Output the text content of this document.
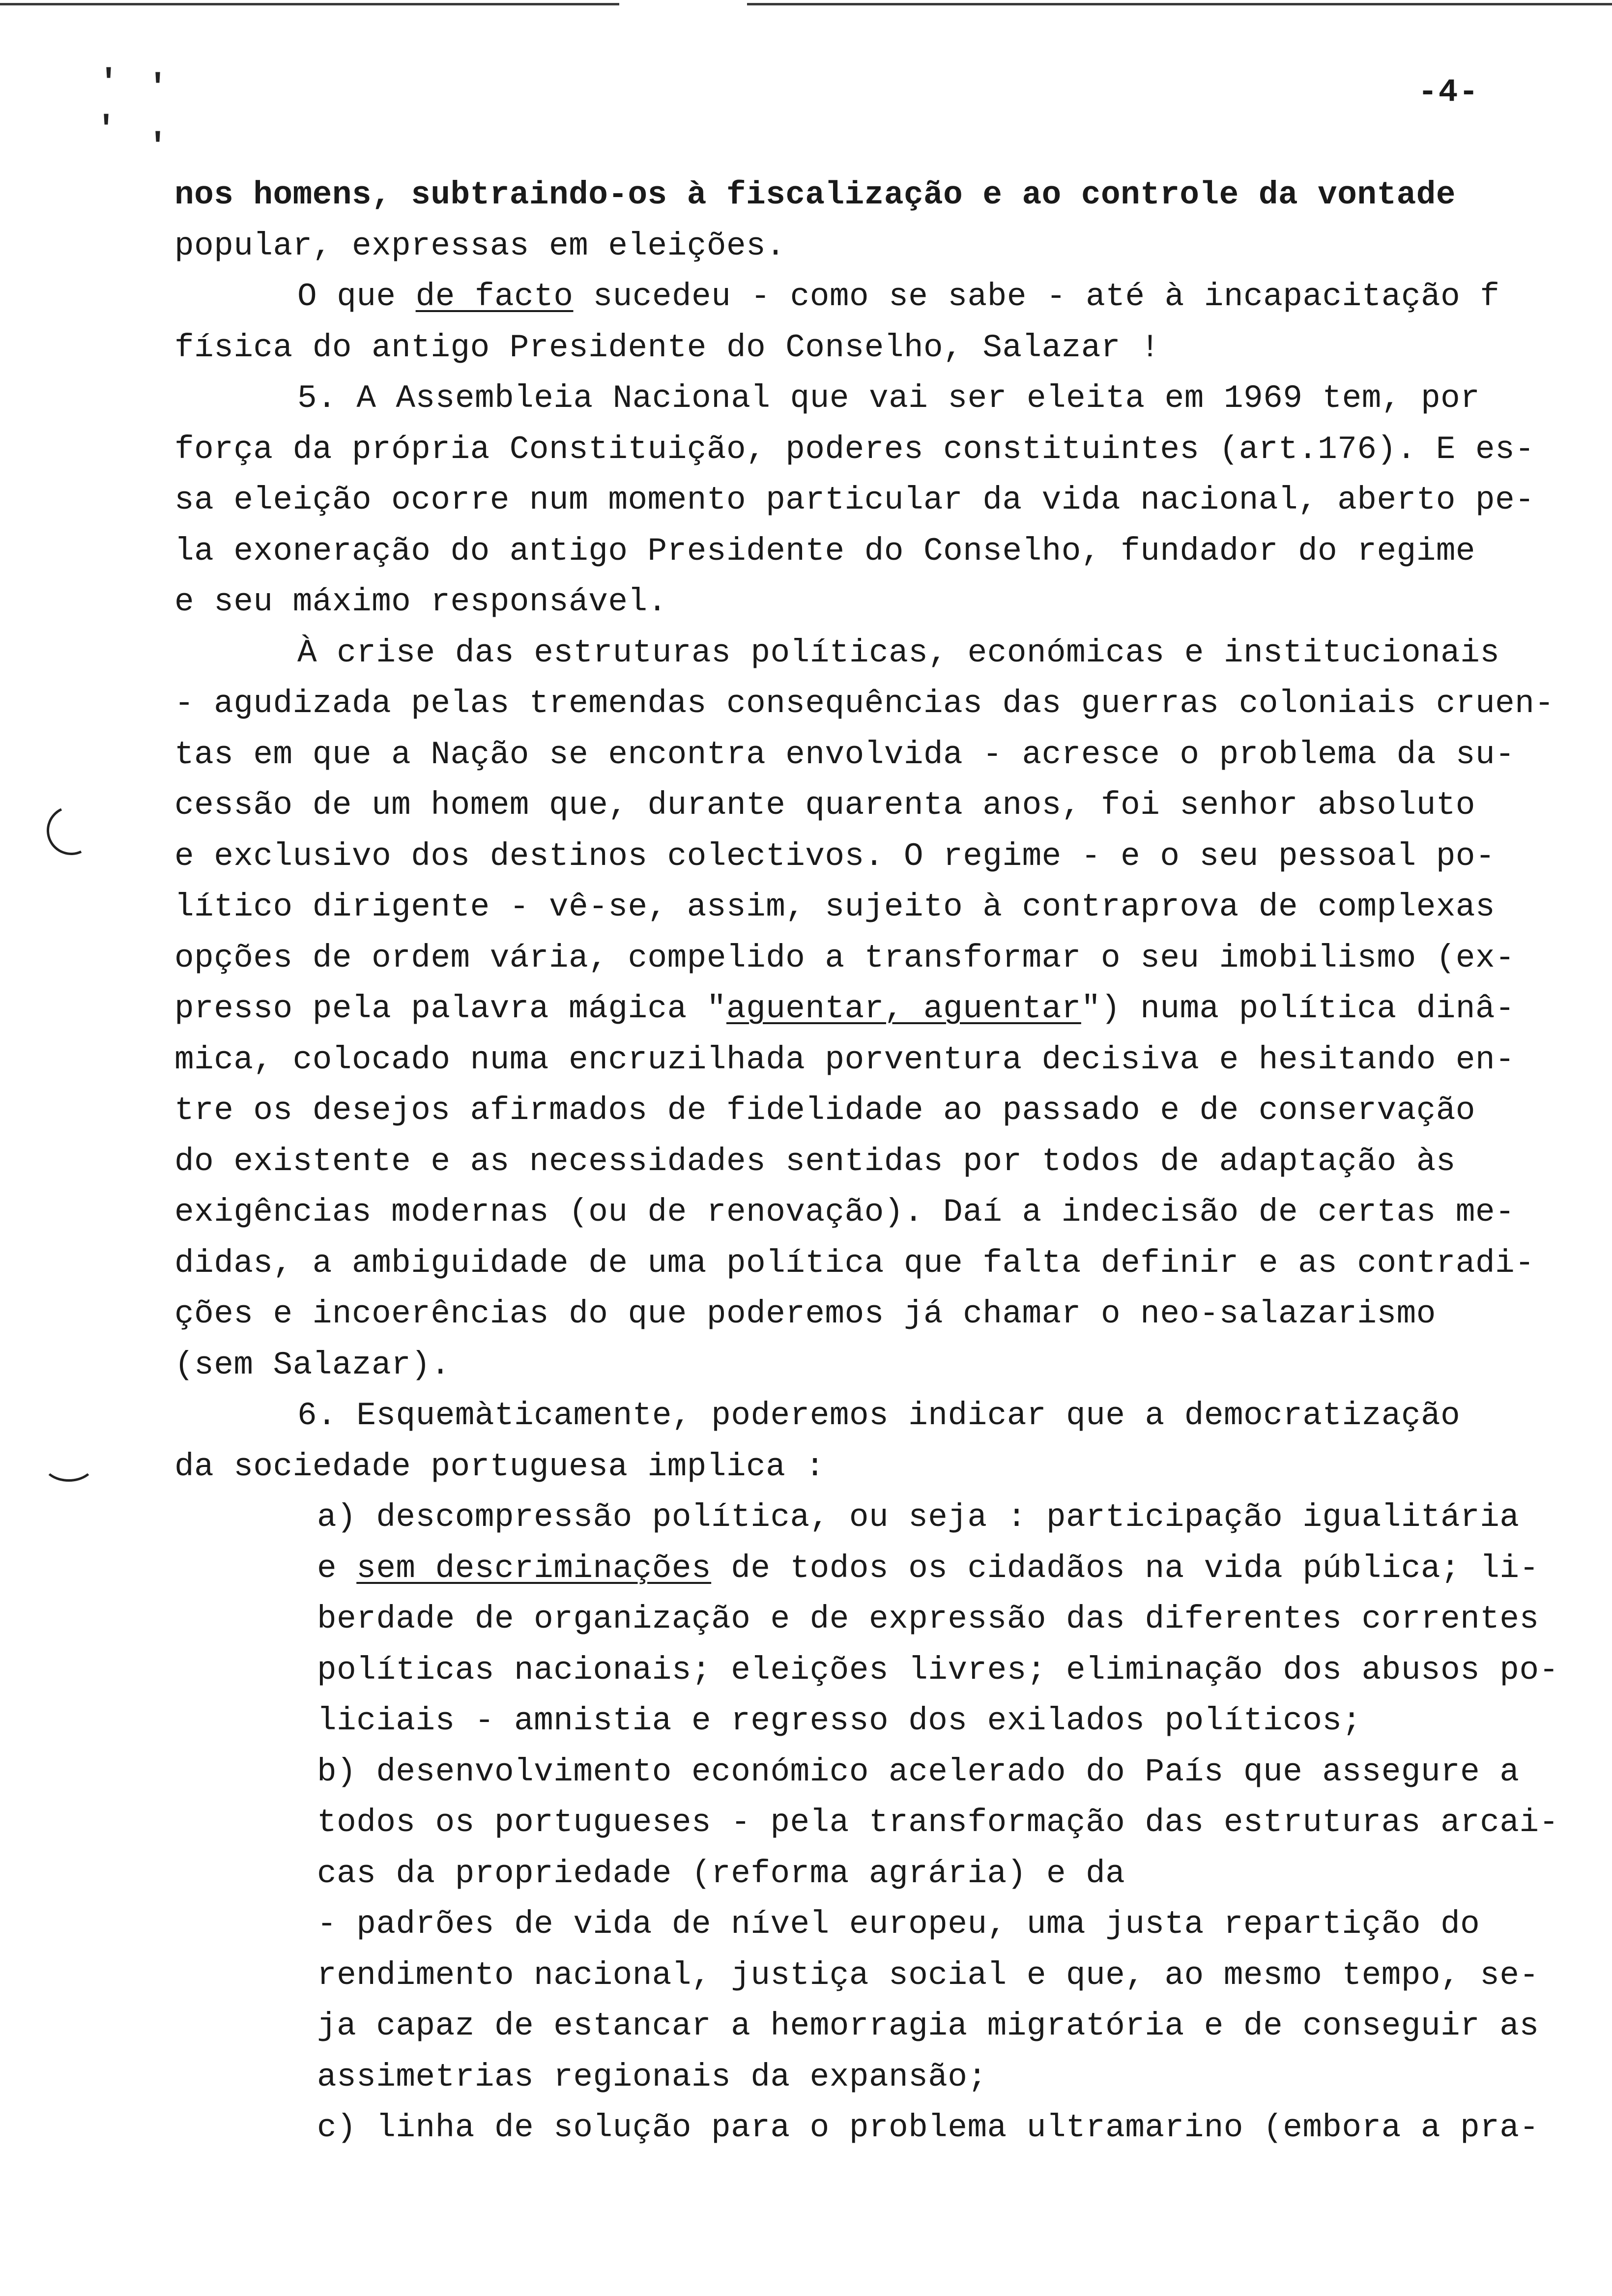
' '
' '
-4-
nos homens, subtraindo-os à fiscalização e ao controle da vontade
popular, expressas em eleições.
O que de facto sucedeu - como se sabe - até à incapacitação f
física do antigo Presidente do Conselho, Salazar !
5. A Assembleia Nacional que vai ser eleita em 1969 tem, por
força da própria Constituição, poderes constituintes (art.176). E es-
sa eleição ocorre num momento particular da vida nacional, aberto pe-
la exoneração do antigo Presidente do Conselho, fundador do regime
e seu máximo responsável.
À crise das estruturas políticas, económicas e institucionais
- agudizada pelas tremendas consequências das guerras coloniais cruen-
tas em que a Nação se encontra envolvida - acresce o problema da su-
cessão de um homem que, durante quarenta anos, foi senhor absoluto
e exclusivo dos destinos colectivos. O regime - e o seu pessoal po-
lítico dirigente - vê-se, assim, sujeito à contraprova de complexas
opções de ordem vária, compelido a transformar o seu imobilismo (ex-
presso pela palavra mágica "aguentar, aguentar") numa política dinâ-
mica, colocado numa encruzilhada porventura decisiva e hesitando en-
tre os desejos afirmados de fidelidade ao passado e de conservação
do existente e as necessidades sentidas por todos de adaptação às
exigências modernas (ou de renovação). Daí a indecisão de certas me-
didas, a ambiguidade de uma política que falta definir e as contradi-
ções e incoerências do que poderemos já chamar o neo-salazarismo
(sem Salazar).
6. Esquemàticamente, poderemos indicar que a democratização
da sociedade portuguesa implica :
a) descompressão política, ou seja : participação igualitária
e sem descriminações de todos os cidadãos na vida pública; li-
berdade de organização e de expressão das diferentes correntes
políticas nacionais; eleições livres; eliminação dos abusos po-
liciais - amnistia e regresso dos exilados políticos;
b) desenvolvimento económico acelerado do País que assegure a
todos os portugueses - pela transformação das estruturas arcai-
cas da propriedade (reforma agrária) e da
- padrões de vida de nível europeu, uma justa repartição do
rendimento nacional, justiça social e que, ao mesmo tempo, se-
ja capaz de estancar a hemorragia migratória e de conseguir as
assimetrias regionais da expansão;
c) linha de solução para o problema ultramarino (embora a pra-
